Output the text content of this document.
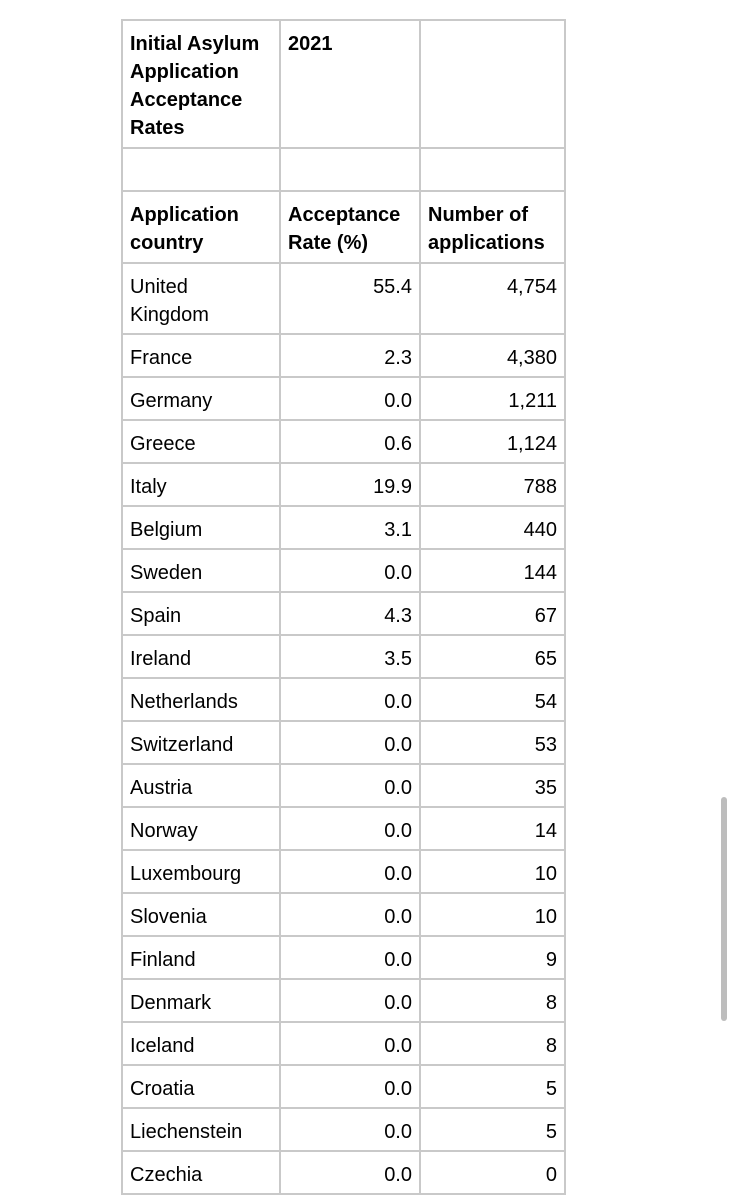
Initial Asylum Application Acceptance Rates	2021	

Application country	Acceptance Rate (%)	Number of applications
United Kingdom	55.4	4,754
France	2.3	4,380
Germany	0.0	1,211
Greece	0.6	1,124
Italy	19.9	788
Belgium	3.1	440
Sweden	0.0	144
Spain	4.3	67
Ireland	3.5	65
Netherlands	0.0	54
Switzerland	0.0	53
Austria	0.0	35
Norway	0.0	14
Luxembourg	0.0	10
Slovenia	0.0	10
Finland	0.0	9
Denmark	0.0	8
Iceland	0.0	8
Croatia	0.0	5
Liechenstein	0.0	5
Czechia	0.0	0
